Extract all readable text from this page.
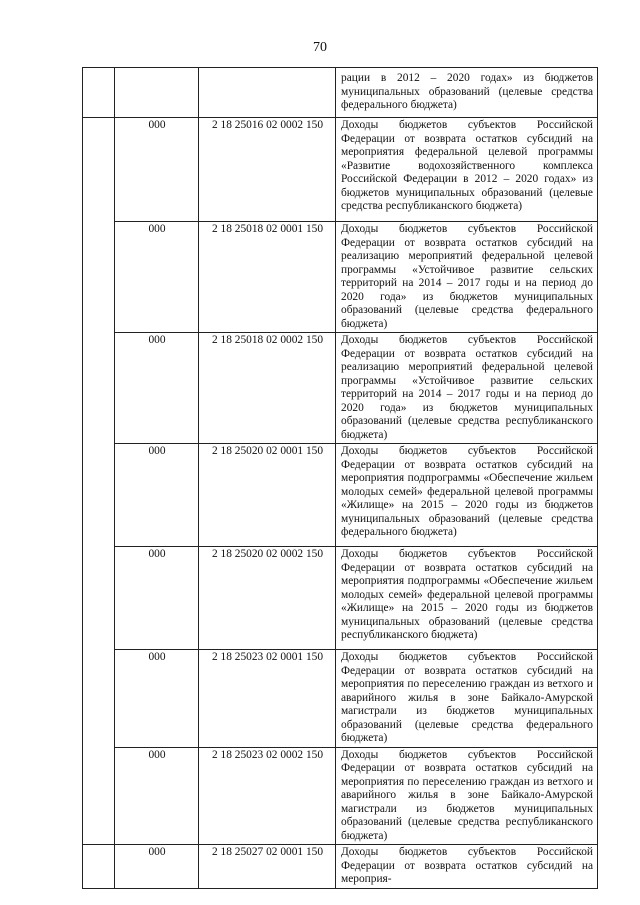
70

			рации в 2012 – 2020 годах» из бюджетов муниципальных образований (целевые средства федерального бюджета)

	000	2 18 25016 02 0002 150	Доходы бюджетов субъектов Российской Федерации от возврата остатков субсидий на мероприятия федеральной целевой программы «Развитие водохозяйственного комплекса Российской Федерации в 2012 – 2020 годах» из бюджетов муниципальных образований (целевые средства республиканского бюджета)

	000	2 18 25018 02 0001 150	Доходы бюджетов субъектов Российской Федерации от возврата остатков субсидий на реализацию мероприятий федеральной целевой программы «Устойчивое развитие сельских территорий на 2014 – 2017 годы и на период до 2020 года» из бюджетов муниципальных образований (целевые средства федерального бюджета)

	000	2 18 25018 02 0002 150	Доходы бюджетов субъектов Российской Федерации от возврата остатков субсидий на реализацию мероприятий федеральной целевой программы «Устойчивое развитие сельских территорий на 2014 – 2017 годы и на период до 2020 года» из бюджетов муниципальных образований (целевые средства республиканского бюджета)

	000	2 18 25020 02 0001 150	Доходы бюджетов субъектов Российской Федерации от возврата остатков субсидий на мероприятия подпрограммы «Обеспечение жильем молодых семей» федеральной целевой программы «Жилище» на 2015 – 2020 годы из бюджетов муниципальных образований (целевые средства федерального бюджета)

	000	2 18 25020 02 0002 150	Доходы бюджетов субъектов Российской Федерации от возврата остатков субсидий на мероприятия подпрограммы «Обеспечение жильем молодых семей» федеральной целевой программы «Жилище» на 2015 – 2020 годы из бюджетов муниципальных образований (целевые средства республиканского бюджета)

	000	2 18 25023 02 0001 150	Доходы бюджетов субъектов Российской Федерации от возврата остатков субсидий на мероприятия по переселению граждан из ветхого и аварийного жилья в зоне Байкало-Амурской магистрали из бюджетов муниципальных образований (целевые средства федерального бюджета)

	000	2 18 25023 02 0002 150	Доходы бюджетов субъектов Российской Федерации от возврата остатков субсидий на мероприятия по переселению граждан из ветхого и аварийного жилья в зоне Байкало-Амурской магистрали из бюджетов муниципальных образований (целевые средства республиканского бюджета)

	000	2 18 25027 02 0001 150	Доходы бюджетов субъектов Российской Федерации от возврата остатков субсидий на мероприя-
